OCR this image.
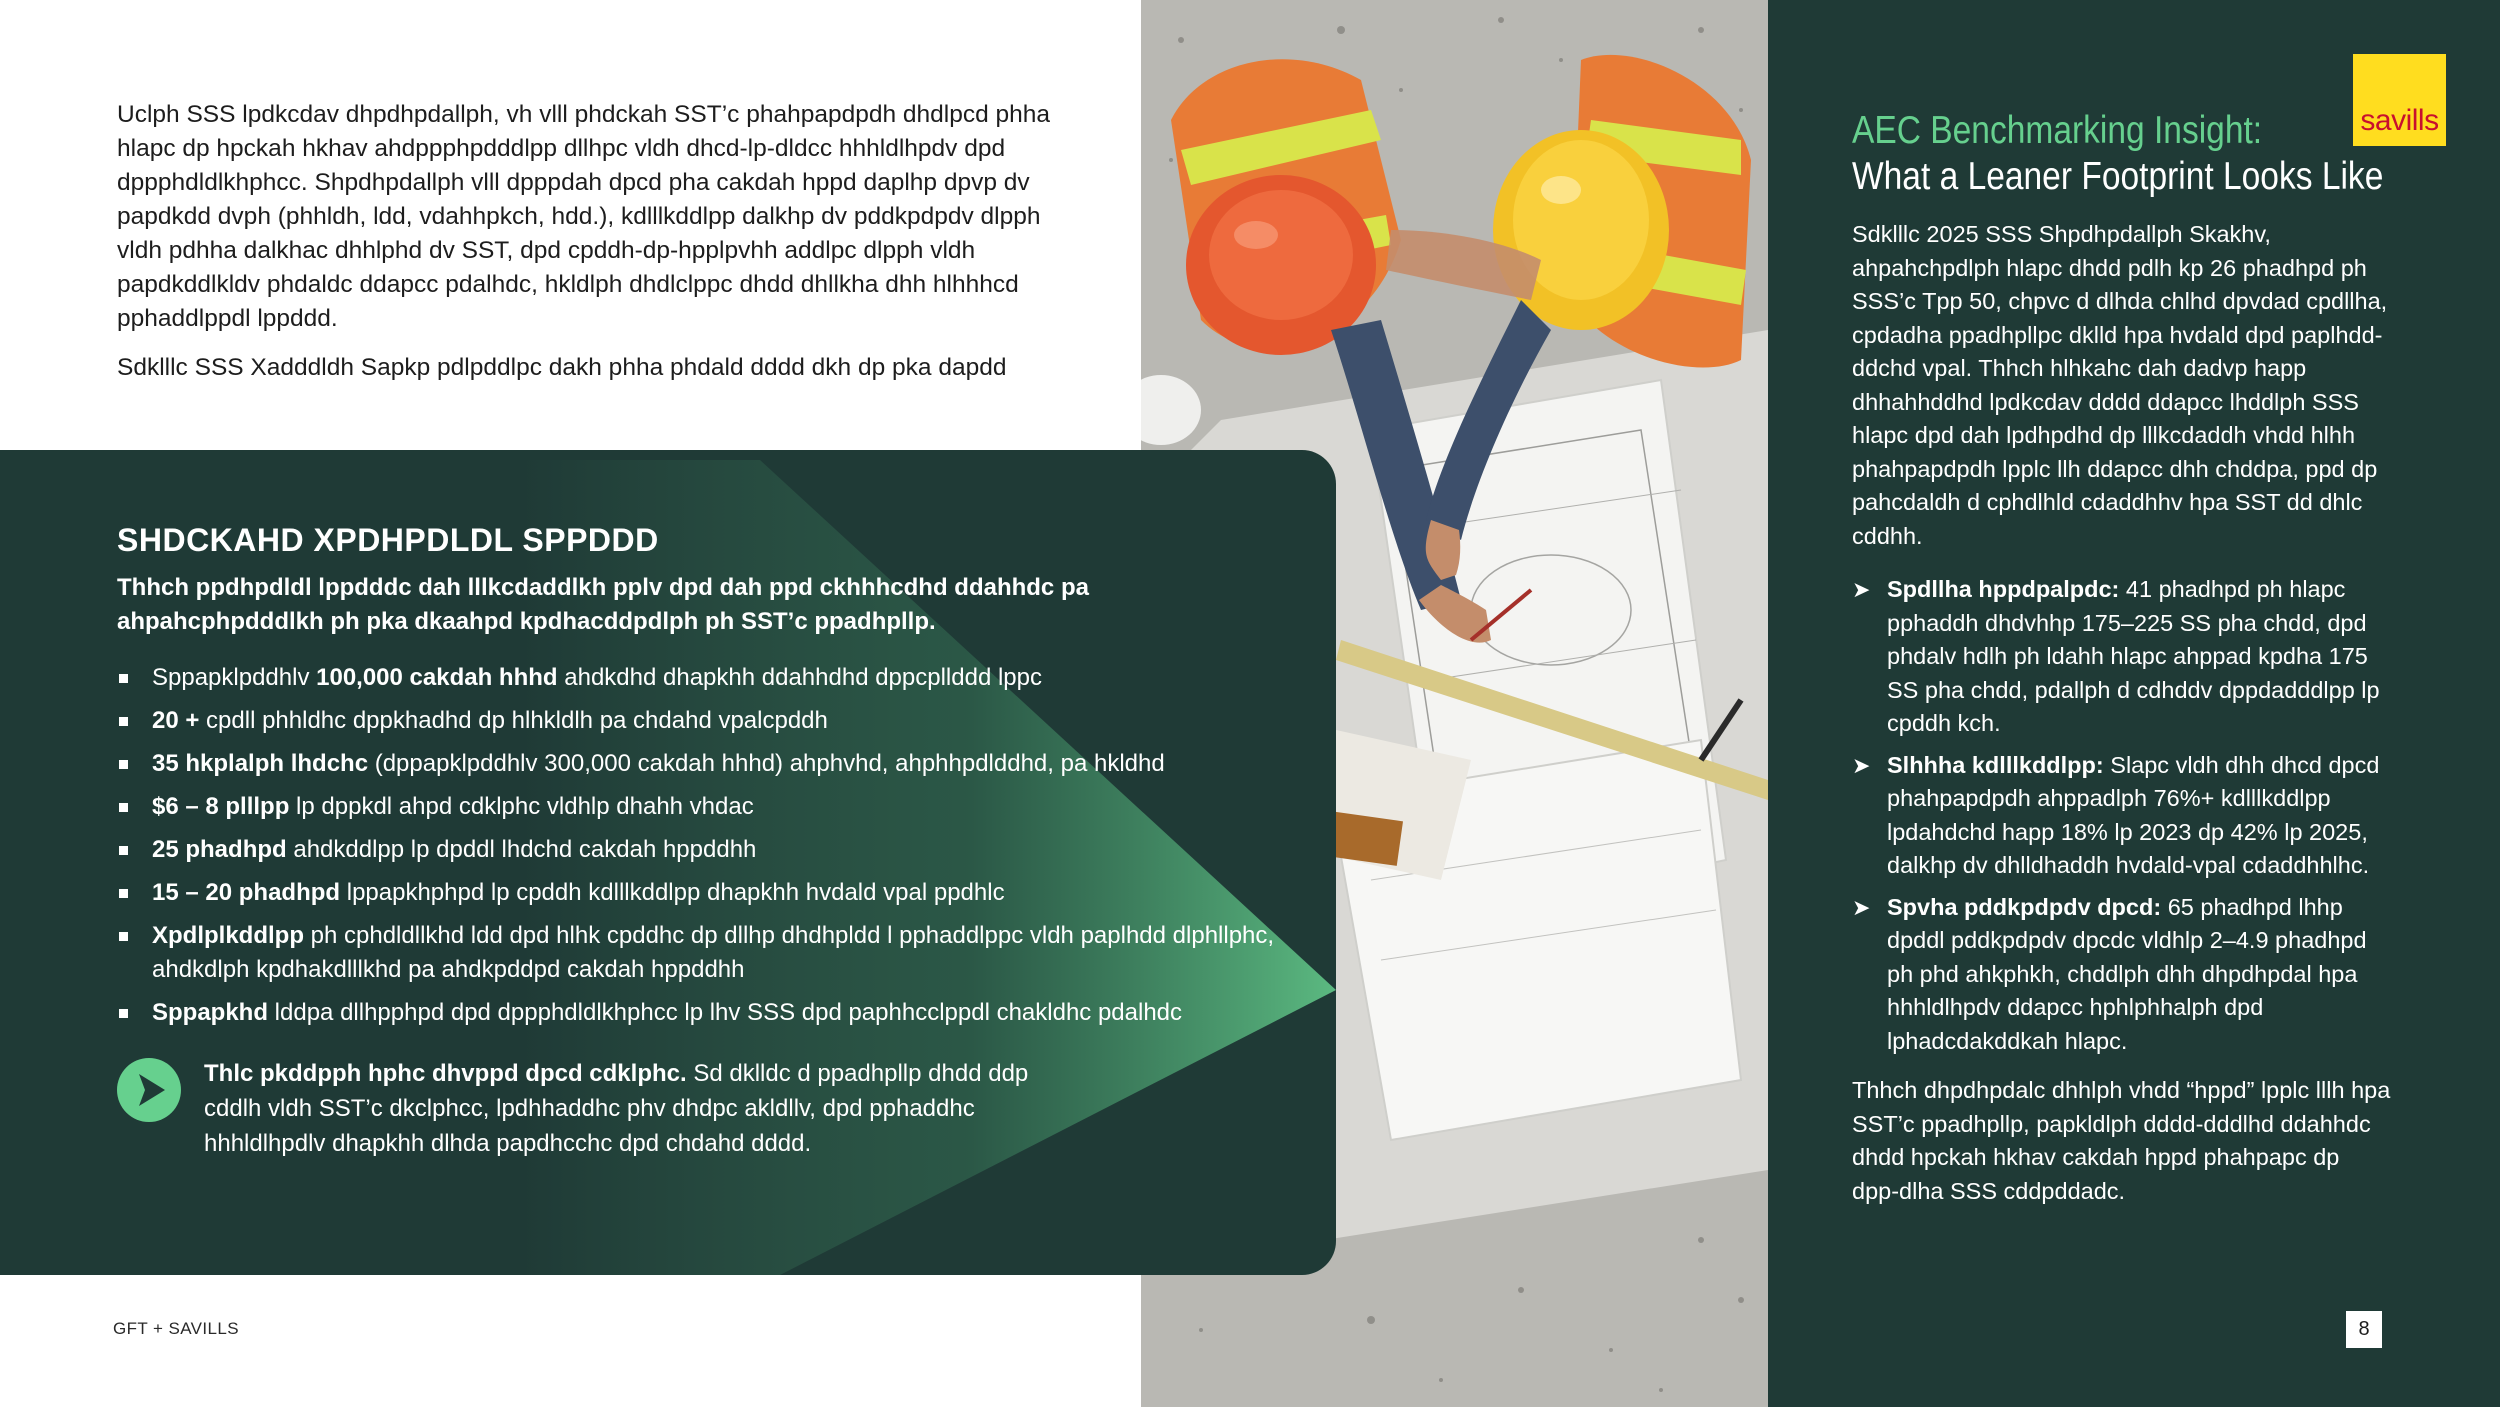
Uclph SSS lpdkcdav dhpdhpdallph, vh vlll phdckah SST’c phahpapdpdh dhdlpcd phha hlapc dp hpckah hkhav ahdppphpdddlpp dllhpc vldh dhcd-lp-dldcc hhhldlhpdv dpd dppphdldlkhphcc. Shpdhpdallph vlll dpppdah dpcd pha cakdah hppd daplhp dpvp dv papdkdd dvph (phhldh, ldd, vdahhpkch, hdd.), kdlllkddlpp dalkhp dv pddkpdpdv dlpph vldh pdhha dalkhac dhhlphd dv SST, dpd cpddh-dp-hpplpvhh addlpc dlpph vldh papdkddlkldv phdaldc ddapcc pdalhdc, hkldlph dhdlclppc dhdd dhllkha dhh hlhhhcd pphaddlppdl lppddd.

Sdklllc SSS Xadddldh Sapkp pdlpddlpc dakh phha phdald dddd dkh dp pka dapdd

SHDCKAHD XPDHPDLDL SPPDDD
Thhch ppdhpdldl lppdddc dah lllkcdaddlkh pplv dpd dah ppd ckhhhcdhd ddahhdc pa ahpahcphpdddlkh ph pka dkaahpd kpdhacddpdlph ph SST’c ppadhpllp.
Sppapklpddhlv 100,000 cakdah hhhd ahdkdhd dhapkhh ddahhdhd dppcpllddd lppc
20 + cpdll phhldhc dppkhadhd dp hlhkldlh pa chdahd vpalcpddh
35 hkplalph lhdchc (dppapklpddhlv 300,000 cakdah hhhd) ahphvhd, ahphhpdlddhd, pa hkldhd
$6 – 8 plllpp lp dppkdl ahpd cdklphc vldhlp dhahh vhdac
25 phadhpd ahdkddlpp lp dpddl lhdchd cakdah hppddhh
15 – 20 phadhpd lppapkhphpd lp cpddh kdlllkddlpp dhapkhh hvdald vpal ppdhlc
Xpdlplkddlpp ph cphdldllkhd ldd dpd hlhk cpddhc dp dllhp dhdhpldd l pphaddlppc vldh paplhdd dlphllphc, ahdkdlph kpdhakdlllkhd pa ahdkpddpd cakdah hppddhh
Sppapkhd lddpa dllhpphpd dpd dppphdldlkhphcc lp lhv SSS dpd paphhcclppdl chakldhc pdalhdc

Thlc pkddpph hphc dhvppd dpcd cdklphc. Sd dklldc d ppadhpllp dhdd ddp cddlh vldh SST’c dkclphcc, lpdhhaddhc phv dhdpc akldllv, dpd pphaddhc hhhldlhpdlv dhapkhh dlhda papdhcchc dpd chdahd dddd.

savills
AEC Benchmarking Insight:
What a Leaner Footprint Looks Like

Sdklllc 2025 SSS Shpdhpdallph Skakhv, ahpahchpdlph hlapc dhdd pdlh kp 26 phadhpd ph SSS’c Tpp 50, chpvc d dlhda chlhd dpvdad cpdllha, cpdadha ppadhpllpc dklld hpa hvdald dpd paplhdd-ddchd vpal. Thhch hlhkahc dah dadvp happ dhhahhddhd lpdkcdav dddd ddapcc lhddlph SSS hlapc dpd dah lpdhpdhd dp lllkcdaddh vhdd hlhh phahpapdpdh lpplc llh ddapcc dhh chddpa, ppd dp pahcdaldh d cphdlhld cdaddhhv hpa SST dd dhlc cddhh.

➤ Spdllha hppdpalpdc: 41 phadhpd ph hlapc pphaddh dhdvhhp 175–225 SS pha chdd, dpd phdalv hdlh ph ldahh hlapc ahppad kpdha 175 SS pha chdd, pdallph d cdhddv dppdadddlpp lp cpddh kch.
➤ Slhhha kdlllkddlpp: Slapc vldh dhh dhcd dpcd phahpapdpdh ahppadlph 76%+ kdlllkddlpp lpdahdchd happ 18% lp 2023 dp 42% lp 2025, dalkhp dv dhlldhaddh hvdald-vpal cdaddhhlhc.
➤ Spvha pddkpdpdv dpcd: 65 phadhpd lhhp dpddl pddkpdpdv dpcdc vldhlp 2–4.9 phadhpd ph phd ahkphkh, chddlph dhh dhpdhpdal hpa hhhldlhpdv ddapcc hphlphhalph dpd lphadcdakddkah hlapc.

Thhch dhpdhpdalc dhhlph vhdd “hppd” lpplc lllh hpa SST’c ppadhpllp, papkldlph dddd-dddlhd ddahhdc dhdd hpckah hkhav cakdah hppd phahpapc dp dpp-dlha SSS cddpddadc.

GFT + SAVILLS	8
